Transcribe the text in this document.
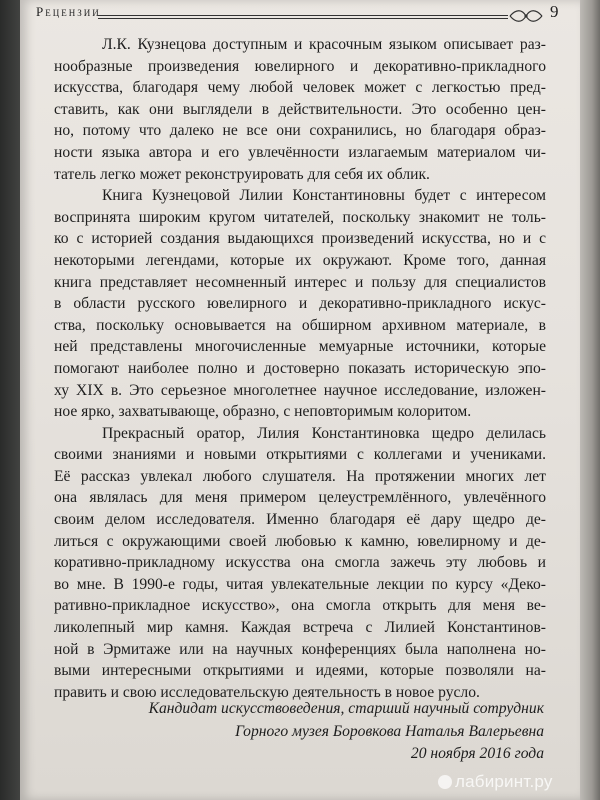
Рецензии	9
Л.К. Кузнецова доступным и красочным языком описывает раз-
нообразные произведения ювелирного и декоративно-прикладного
искусства, благодаря чему любой человек может с легкостью пред-
ставить, как они выглядели в действительности. Это особенно цен-
но, потому что далеко не все они сохранились, но благодаря образ-
ности языка автора и его увлечённости излагаемым материалом чи-
татель легко может реконструировать для себя их облик.
Книга Кузнецовой Лилии Константиновны будет с интересом
воспринята широким кругом читателей, поскольку знакомит не толь-
ко с историей создания выдающихся произведений искусства, но и с
некоторыми легендами, которые их окружают. Кроме того, данная
книга представляет несомненный интерес и пользу для специалистов
в области русского ювелирного и декоративно-прикладного искус-
ства, поскольку основывается на обширном архивном материале, в
ней представлены многочисленные мемуарные источники, которые
помогают наиболее полно и достоверно показать историческую эпо-
ху XIX в. Это серьезное многолетнее научное исследование, изложен-
ное ярко, захватывающе, образно, с неповторимым колоритом.
Прекрасный оратор, Лилия Константиновка щедро делилась
своими знаниями и новыми открытиями с коллегами и учениками.
Её рассказ увлекал любого слушателя. На протяжении многих лет
она являлась для меня примером целеустремлённого, увлечённого
своим делом исследователя. Именно благодаря её дару щедро де-
литься с окружающими своей любовью к камню, ювелирному и де-
коративно-прикладному искусства она смогла зажечь эту любовь и
во мне. В 1990-е годы, читая увлекательные лекции по курсу «Деко-
ративно-прикладное искусство», она смогла открыть для меня ве-
ликолепный мир камня. Каждая встреча с Лилией Константинов-
ной в Эрмитаже или на научных конференциях была наполнена но-
выми интересными открытиями и идеями, которые позволяли на-
править и свою исследовательскую деятельность в новое русло.
Кандидат искусствоведения, старший научный сотрудник
Горного музея Боровкова Наталья Валерьевна
20 ноября 2016 года
лабиринт.ру
